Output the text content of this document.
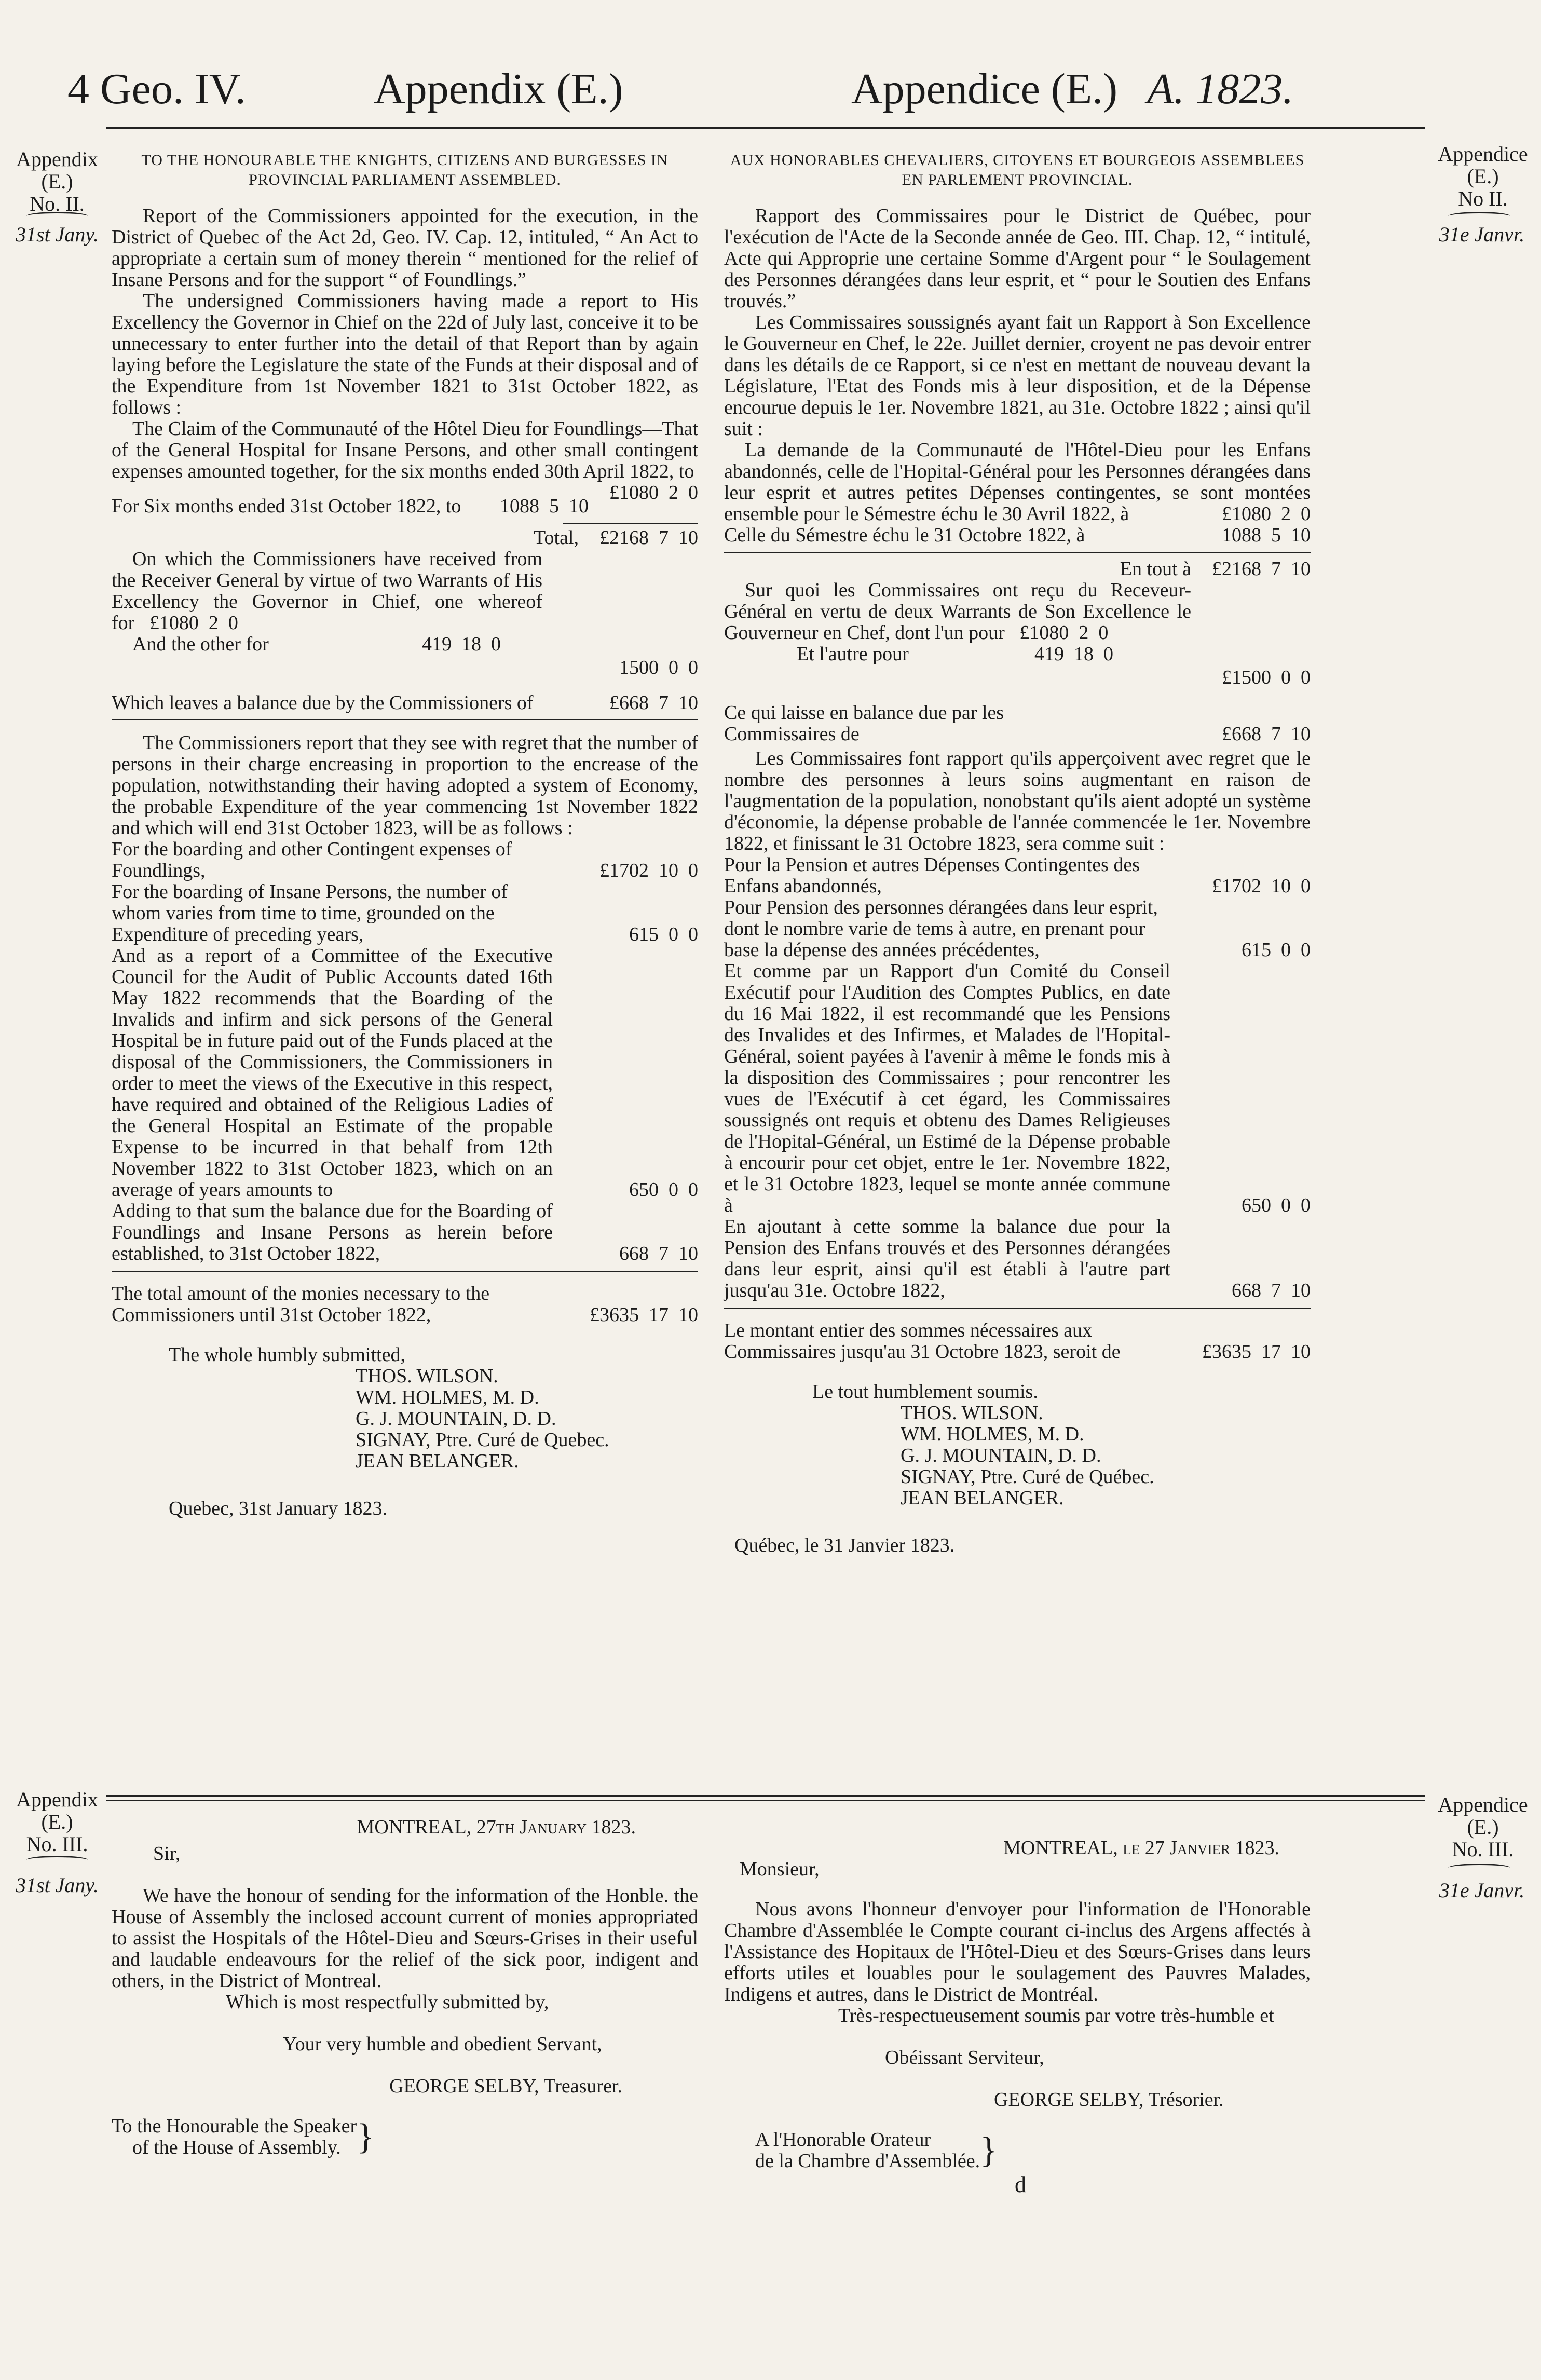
4 Geo. IV.	Appendix (E.)	Appendice (E.) A. 1823.
Appendix
(E.)
No. II.
31st Jany.
Appendice
(E.)
No II.
31e Janvr.
TO THE HONOURABLE THE KNIGHTS, CITIZENS AND BURGESSES IN PROVINCIAL PARLIAMENT ASSEMBLED.

Report of the Commissioners appointed for the execution, in the District of Quebec of the Act 2d, Geo. IV. Cap. 12, intituled, “ An Act to appropriate a certain sum of money therein “ mentioned for the relief of Insane Persons and for the support “ of Foundlings.”

The undersigned Commissioners having made a report to His Excellency the Governor in Chief on the 22d of July last, conceive it to be unnecessary to enter further into the detail of that Report than by again laying before the Legislature the state of the Funds at their disposal and of the Expenditure from 1st November 1821 to 31st October 1822, as follows :

The Claim of the Communauté of the Hôtel Dieu for Foundlings—That of the General Hospital for Insane Persons, and other small contingent expenses amounted together, for the six months ended 30th April 1822, to
£1080  2  0

For Six months ended 31st October 1822, to 1088  5  10
Total, £2168  7  10

On which the Commissioners have received from the Receiver General by virtue of two Warrants of His Excellency the Governor in Chief, one whereof for £1080  2  0

And the other for	419  18  0
1500  0  0
Which leaves a balance due by the Commissioners of	£668  7  10

The Commissioners report that they see with regret that the number of persons in their charge encreasing in proportion to the encrease of the population, notwithstanding their having adopted a system of Economy, the probable Expenditure of the year commencing 1st November 1822 and which will end 31st October 1823, will be as follows :

For the boarding and other Contingent expenses of Foundlings,	£1702  10  0
For the boarding of Insane Persons, the number of whom varies from time to time, grounded on the Expenditure of preceding years,	615  0  0
And as a report of a Committee of the Executive Council for the Audit of Public Accounts dated 16th May 1822 recommends that the Boarding of the Invalids and infirm and sick persons of the General Hospital be in future paid out of the Funds placed at the disposal of the Commissioners, the Commissioners in order to meet the views of the Executive in this respect, have required and obtained of the Religious Ladies of the General Hospital an Estimate of the propable Expense to be incurred in that behalf from 12th November 1822 to 31st October 1823, which on an average of years amounts to	650  0  0
Adding to that sum the balance due for the Boarding of Foundlings and Insane Persons as herein before established, to 31st October 1822,	668  7  10
The total amount of the monies necessary to the Commissioners until 31st October 1822,	£3635  17  10
The whole humbly submitted,
THOS. WILSON.
WM. HOLMES, M. D.
G. J. MOUNTAIN, D. D.
SIGNAY, Ptre. Curé de Quebec.
JEAN BELANGER.
Quebec, 31st January 1823.
AUX HONORABLES CHEVALIERS, CITOYENS ET BOURGEOIS ASSEMBLEES EN PARLEMENT PROVINCIAL.

Rapport des Commissaires pour le District de Québec, pour l'exécution de l'Acte de la Seconde année de Geo. III. Chap. 12, “ intitulé, Acte qui Approprie une certaine Somme d'Argent pour “ le Soulagement des Personnes dérangées dans leur esprit, et “ pour le Soutien des Enfans trouvés.”

Les Commissaires soussignés ayant fait un Rapport à Son Excellence le Gouverneur en Chef, le 22e. Juillet dernier, croyent ne pas devoir entrer dans les détails de ce Rapport, si ce n'est en mettant de nouveau devant la Législature, l'Etat des Fonds mis à leur disposition, et de la Dépense encourue depuis le 1er. Novembre 1821, au 31e. Octobre 1822 ; ainsi qu'il suit :

La demande de la Communauté de l'Hôtel-Dieu pour les Enfans abandonnés, celle de l'Hopital-Général pour les Personnes dérangées dans leur esprit et autres petites Dépenses contingentes, se sont montées ensemble pour le Sémestre échu le 30 Avril 1822, à	£1080  2  0

Celle du Sémestre échu le 31 Octobre 1822, à	1088  5  10
En tout à £2168  7  10

Sur quoi les Commissaires ont reçu du Receveur-Général en vertu de deux Warrants de Son Excellence le Gouverneur en Chef, dont l'un pour £1080  2  0

Et l'autre pour	419  18  0
£1500  0  0
Ce qui laisse en balance due par les Commissaires de	£668  7  10

Les Commissaires font rapport qu'ils apperçoivent avec regret que le nombre des personnes à leurs soins augmentant en raison de l'augmentation de la population, nonobstant qu'ils aient adopté un système d'économie, la dépense probable de l'année commencée le 1er. Novembre 1822, et finissant le 31 Octobre 1823, sera comme suit :

Pour la Pension et autres Dépenses Contingentes des Enfans abandonnés,	£1702  10  0
Pour Pension des personnes dérangées dans leur esprit, dont le nombre varie de tems à autre, en prenant pour base la dépense des années précédentes,	615  0  0
Et comme par un Rapport d'un Comité du Conseil Exécutif pour l'Audition des Comptes Publics, en date du 16 Mai 1822, il est recommandé que les Pensions des Invalides et des Infirmes, et Malades de l'Hopital-Général, soient payées à l'avenir à même le fonds mis à la disposition des Commissaires ; pour rencontrer les vues de l'Exécutif à cet égard, les Commissaires soussignés ont requis et obtenu des Dames Religieuses de l'Hopital-Général, un Estimé de la Dépense probable à encourir pour cet objet, entre le 1er. Novembre 1822, et le 31 Octobre 1823, lequel se monte année commune à	650  0  0
En ajoutant à cette somme la balance due pour la Pension des Enfans trouvés et des Personnes dérangées dans leur esprit, ainsi qu'il est établi à l'autre part jusqu'au 31e. Octobre 1822,	668  7  10
Le montant entier des sommes nécessaires aux Commissaires jusqu'au 31 Octobre 1823, seroit de	£3635  17  10
Le tout humblement soumis.
THOS. WILSON.
WM. HOLMES, M. D.
G. J. MOUNTAIN, D. D.
SIGNAY, Ptre. Curé de Québec.
JEAN BELANGER.
Québec, le 31 Janvier 1823.
Appendix
(E.)
No. III.
31st Jany.
Appendice
(E.)
No. III.
31e Janvr.
MONTREAL, 27th January 1823.
Sir,

We have the honour of sending for the information of the Honble. the House of Assembly the inclosed account current of monies appropriated to assist the Hospitals of the Hôtel-Dieu and Sœurs-Grises in their useful and laudable endeavours for the relief of the sick poor, indigent and others, in the District of Montreal.

Which is most respectfully submitted by,
Your very humble and obedient Servant,
GEORGE SELBY, Treasurer.
To the Honourable the Speaker
of the House of Assembly. }
MONTREAL, le 27 Janvier 1823.
Monsieur,

Nous avons l'honneur d'envoyer pour l'information de l'Honorable Chambre d'Assemblée le Compte courant ci-inclus des Argens affectés à l'Assistance des Hopitaux de l'Hôtel-Dieu et des Sœurs-Grises dans leurs efforts utiles et louables pour le soulagement des Pauvres Malades, Indigens et autres, dans le District de Montréal.

Très-respectueusement soumis par votre très-humble et
Obéissant Serviteur,
GEORGE SELBY, Trésorier.
A l'Honorable Orateur
de la Chambre d'Assemblée. }
d
